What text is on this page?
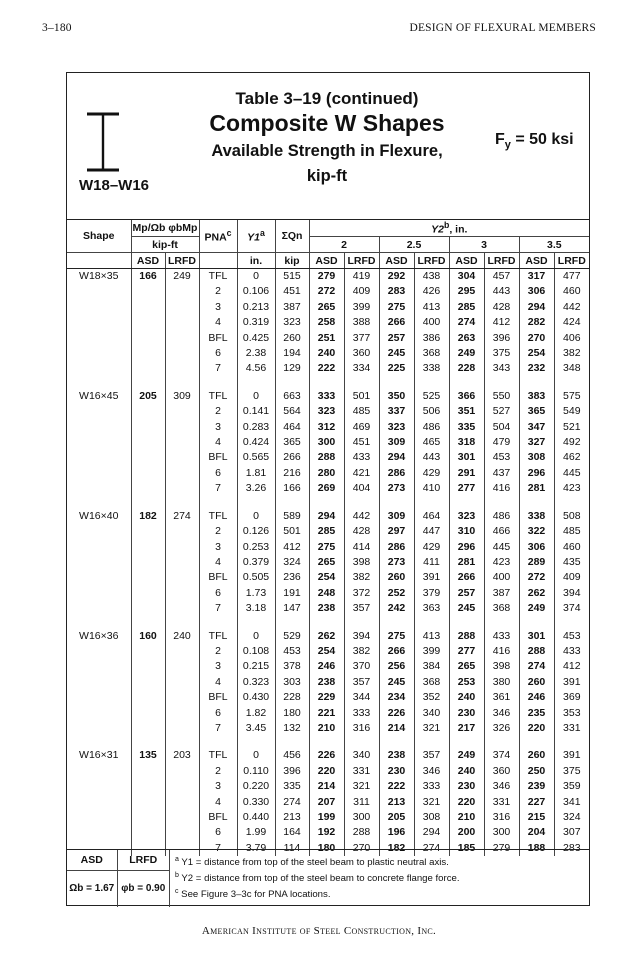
3–180	DESIGN OF FLEXURAL MEMBERS
Table 3–19 (continued)
Composite W Shapes
Available Strength in Flexure,
kip-ft
W18–W16
$F_y = 50$ ksi
Shape	Mp/Ωb φbMp		PNA$^c$	Y1$^a$	ΣQn	Y2$^b$, in.							
	kip-ft					2		2.5		3		3.5	
	ASD	LRFD		in.	kip	ASD	LRFD	ASD	LRFD	ASD	LRFD	ASD	LRFD
W18×35	166	249	TFL	0	515	279	419	292	438	304	457	317	477
			2	0.106	451	272	409	283	426	295	443	306	460
			3	0.213	387	265	399	275	413	285	428	294	442
			4	0.319	323	258	388	266	400	274	412	282	424
			BFL	0.425	260	251	377	257	386	263	396	270	406
			6	2.38	194	240	360	245	368	249	375	254	382
			7	4.56	129	222	334	225	338	228	343	232	348

W16×45	205	309	TFL	0	663	333	501	350	525	366	550	383	575
			2	0.141	564	323	485	337	506	351	527	365	549
			3	0.283	464	312	469	323	486	335	504	347	521
			4	0.424	365	300	451	309	465	318	479	327	492
			BFL	0.565	266	288	433	294	443	301	453	308	462
			6	1.81	216	280	421	286	429	291	437	296	445
			7	3.26	166	269	404	273	410	277	416	281	423

W16×40	182	274	TFL	0	589	294	442	309	464	323	486	338	508
			2	0.126	501	285	428	297	447	310	466	322	485
			3	0.253	412	275	414	286	429	296	445	306	460
			4	0.379	324	265	398	273	411	281	423	289	435
			BFL	0.505	236	254	382	260	391	266	400	272	409
			6	1.73	191	248	372	252	379	257	387	262	394
			7	3.18	147	238	357	242	363	245	368	249	374

W16×36	160	240	TFL	0	529	262	394	275	413	288	433	301	453
			2	0.108	453	254	382	266	399	277	416	288	433
			3	0.215	378	246	370	256	384	265	398	274	412
			4	0.323	303	238	357	245	368	253	380	260	391
			BFL	0.430	228	229	344	234	352	240	361	246	369
			6	1.82	180	221	333	226	340	230	346	235	353
			7	3.45	132	210	316	214	321	217	326	220	331

W16×31	135	203	TFL	0	456	226	340	238	357	249	374	260	391
			2	0.110	396	220	331	230	346	240	360	250	375
			3	0.220	335	214	321	222	333	230	346	239	359
			4	0.330	274	207	311	213	321	220	331	227	341
			BFL	0.440	213	199	300	205	308	210	316	215	324
			6	1.99	164	192	288	196	294	200	300	204	307
			7	3.79	114	180	270	182	274	185	279	188	283
ASD	LRFD
Ωb = 1.67 φb = 0.90
$^a$ Y1 = distance from top of the steel beam to plastic neutral axis.
$^b$ Y2 = distance from top of the steel beam to concrete flange force.
$^c$ See Figure 3–3c for PNA locations.
American Institute of Steel Construction, Inc.
